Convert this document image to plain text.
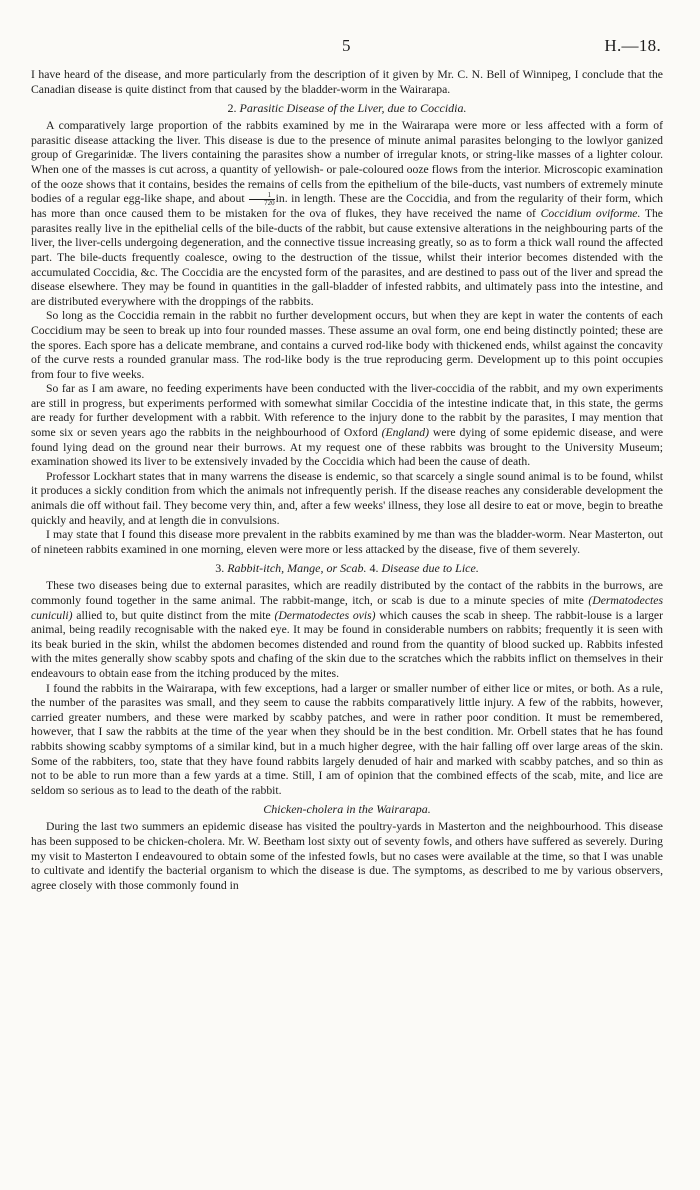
5	H.—18.

I have heard of the disease, and more particularly from the description of it given by Mr. C. N. Bell of Winnipeg, I conclude that the Canadian disease is quite distinct from that caused by the bladder-worm in the Wairarapa.

2. Parasitic Disease of the Liver, due to Coccidia.

A comparatively large proportion of the rabbits examined by me in the Wairarapa were more or less affected with a form of parasitic disease attacking the liver. This disease is due to the presence of minute animal parasites belonging to the lowlyor ganized group of Gregarinidæ. The livers containing the parasites show a number of irregular knots, or string-like masses of a lighter colour. When one of the masses is cut across, a quantity of yellowish- or pale-coloured ooze flows from the interior. Microscopic examination of the ooze shows that it contains, besides the remains of cells from the epithelium of the bile-ducts, vast numbers of extremely minute bodies of a regular egg-like shape, and about $\frac{1}{720}$ in. in length. These are the Coccidia, and from the regularity of their form, which has more than once caused them to be mistaken for the ova of flukes, they have received the name of Coccidium oviforme. The parasites really live in the epithelial cells of the bile-ducts of the rabbit, but cause extensive alterations in the neighbouring parts of the liver, the liver-cells undergoing degeneration, and the connective tissue increasing greatly, so as to form a thick wall round the affected part. The bile-ducts frequently coalesce, owing to the destruction of the tissue, whilst their interior becomes distended with the accumulated Coccidia, &c. The Coccidia are the encysted form of the parasites, and are destined to pass out of the liver and spread the disease elsewhere. They may be found in quantities in the gall-bladder of infested rabbits, and ultimately pass into the intestine, and are distributed everywhere with the droppings of the rabbits.

So long as the Coccidia remain in the rabbit no further development occurs, but when they are kept in water the contents of each Coccidium may be seen to break up into four rounded masses. These assume an oval form, one end being distinctly pointed; these are the spores. Each spore has a delicate membrane, and contains a curved rod-like body with thickened ends, whilst against the concavity of the curve rests a rounded granular mass. The rod-like body is the true reproducing germ. Development up to this point occupies from four to five weeks.

So far as I am aware, no feeding experiments have been conducted with the liver-coccidia of the rabbit, and my own experiments are still in progress, but experiments performed with somewhat similar Coccidia of the intestine indicate that, in this state, the germs are ready for further development with a rabbit. With reference to the injury done to the rabbit by the parasites, I may mention that some six or seven years ago the rabbits in the neighbourhood of Oxford (England) were dying of some epidemic disease, and were found lying dead on the ground near their burrows. At my request one of these rabbits was brought to the University Museum; examination showed its liver to be extensively invaded by the Coccidia which had been the cause of death.

Professor Lockhart states that in many warrens the disease is endemic, so that scarcely a single sound animal is to be found, whilst it produces a sickly condition from which the animals not infrequently perish. If the disease reaches any considerable development the animals die off without fail. They become very thin, and, after a few weeks' illness, they lose all desire to eat or move, begin to breathe quickly and heavily, and at length die in convulsions.

I may state that I found this disease more prevalent in the rabbits examined by me than was the bladder-worm. Near Masterton, out of nineteen rabbits examined in one morning, eleven were more or less attacked by the disease, five of them severely.

3. Rabbit-itch, Mange, or Scab. 4. Disease due to Lice.

These two diseases being due to external parasites, which are readily distributed by the contact of the rabbits in the burrows, are commonly found together in the same animal. The rabbit-mange, itch, or scab is due to a minute species of mite (Dermatodectes cuniculi) allied to, but quite distinct from the mite (Dermatodectes ovis) which causes the scab in sheep. The rabbit-louse is a larger animal, being readily recognisable with the naked eye. It may be found in considerable numbers on rabbits; frequently it is seen with its beak buried in the skin, whilst the abdomen becomes distended and round from the quantity of blood sucked up. Rabbits infested with the mites generally show scabby spots and chafing of the skin due to the scratches which the rabbits inflict on themselves in their endeavours to obtain ease from the itching produced by the mites.

I found the rabbits in the Wairarapa, with few exceptions, had a larger or smaller number of either lice or mites, or both. As a rule, the number of the parasites was small, and they seem to cause the rabbits comparatively little injury. A few of the rabbits, however, carried greater numbers, and these were marked by scabby patches, and were in rather poor condition. It must be remembered, however, that I saw the rabbits at the time of the year when they should be in the best condition. Mr. Orbell states that he has found rabbits showing scabby symptoms of a similar kind, but in a much higher degree, with the hair falling off over large areas of the skin. Some of the rabbiters, too, state that they have found rabbits largely denuded of hair and marked with scabby patches, and so thin as not to be able to run more than a few yards at a time. Still, I am of opinion that the combined effects of the scab, mite, and lice are seldom so serious as to lead to the death of the rabbit.

Chicken-cholera in the Wairarapa.

During the last two summers an epidemic disease has visited the poultry-yards in Masterton and the neighbourhood. This disease has been supposed to be chicken-cholera. Mr. W. Beetham lost sixty out of seventy fowls, and others have suffered as severely. During my visit to Masterton I endeavoured to obtain some of the infested fowls, but no cases were available at the time, so that I was unable to cultivate and identify the bacterial organism to which the disease is due. The symptoms, as described to me by various observers, agree closely with those commonly found in
